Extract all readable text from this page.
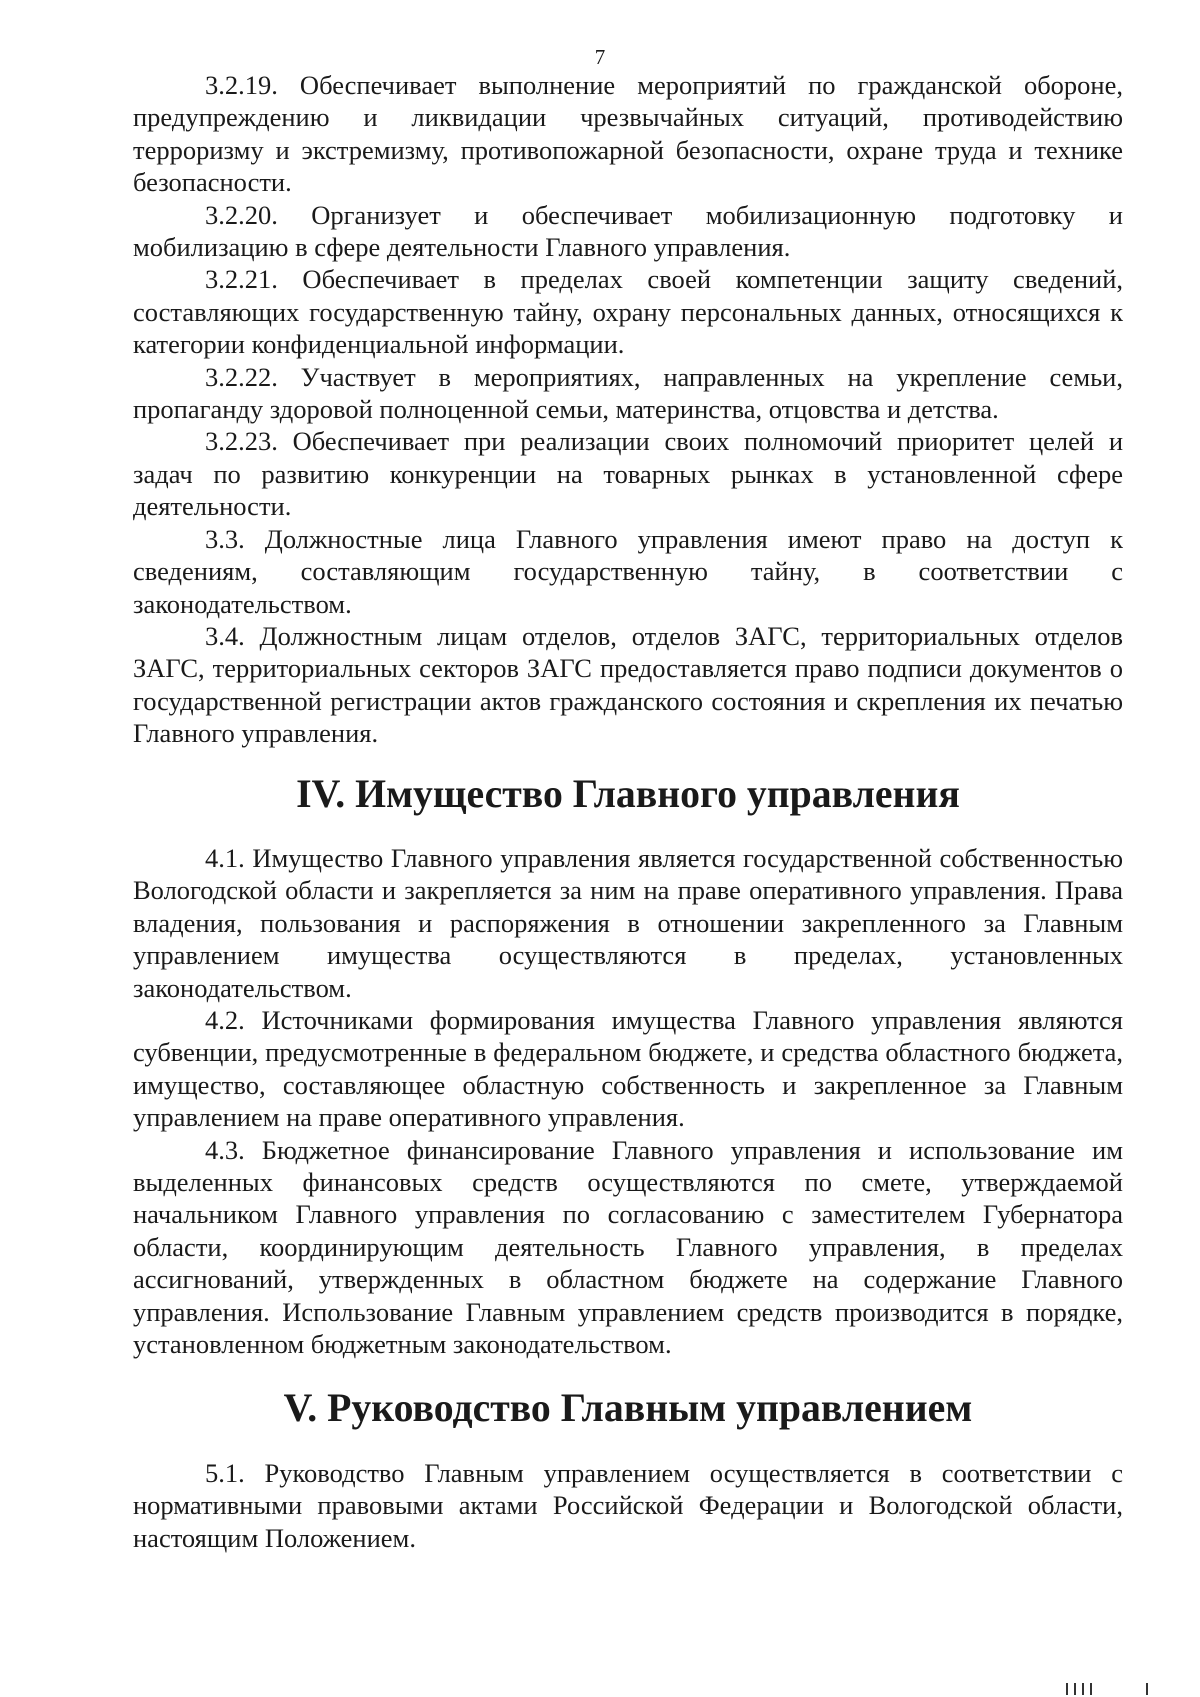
7

3.2.19. Обеспечивает выполнение мероприятий по гражданской обороне, предупреждению и ликвидации чрезвычайных ситуаций, противодействию терроризму и экстремизму, противопожарной безопасности, охране труда и технике безопасности.

3.2.20. Организует и обеспечивает мобилизационную подготовку и мобилизацию в сфере деятельности Главного управления.

3.2.21. Обеспечивает в пределах своей компетенции защиту сведений, составляющих государственную тайну, охрану персональных данных, относящихся к категории конфиденциальной информации.

3.2.22. Участвует в мероприятиях, направленных на укрепление семьи, пропаганду здоровой полноценной семьи, материнства, отцовства и детства.

3.2.23. Обеспечивает при реализации своих полномочий приоритет целей и задач по развитию конкуренции на товарных рынках в установленной сфере деятельности.

3.3. Должностные лица Главного управления имеют право на доступ к сведениям, составляющим государственную тайну, в соответствии с законодательством.

3.4. Должностным лицам отделов, отделов ЗАГС, территориальных отделов ЗАГС, территориальных секторов ЗАГС предоставляется право подписи документов о государственной регистрации актов гражданского состояния и скрепления их печатью Главного управления.

IV. Имущество Главного управления

4.1. Имущество Главного управления является государственной собственностью Вологодской области и закрепляется за ним на праве оперативного управления. Права владения, пользования и распоряжения в отношении закрепленного за Главным управлением имущества осуществляются в пределах, установленных законодательством.

4.2. Источниками формирования имущества Главного управления являются субвенции, предусмотренные в федеральном бюджете, и средства областного бюджета, имущество, составляющее областную собственность и закрепленное за Главным управлением на праве оперативного управления.

4.3. Бюджетное финансирование Главного управления и использование им выделенных финансовых средств осуществляются по смете, утверждаемой начальником Главного управления по согласованию с заместителем Губернатора области, координирующим деятельность Главного управления, в пределах ассигнований, утвержденных в областном бюджете на содержание Главного управления. Использование Главным управлением средств производится в порядке, установленном бюджетным законодательством.

V. Руководство Главным управлением

5.1. Руководство Главным управлением осуществляется в соответствии с нормативными правовыми актами Российской Федерации и Вологодской области, настоящим Положением.
